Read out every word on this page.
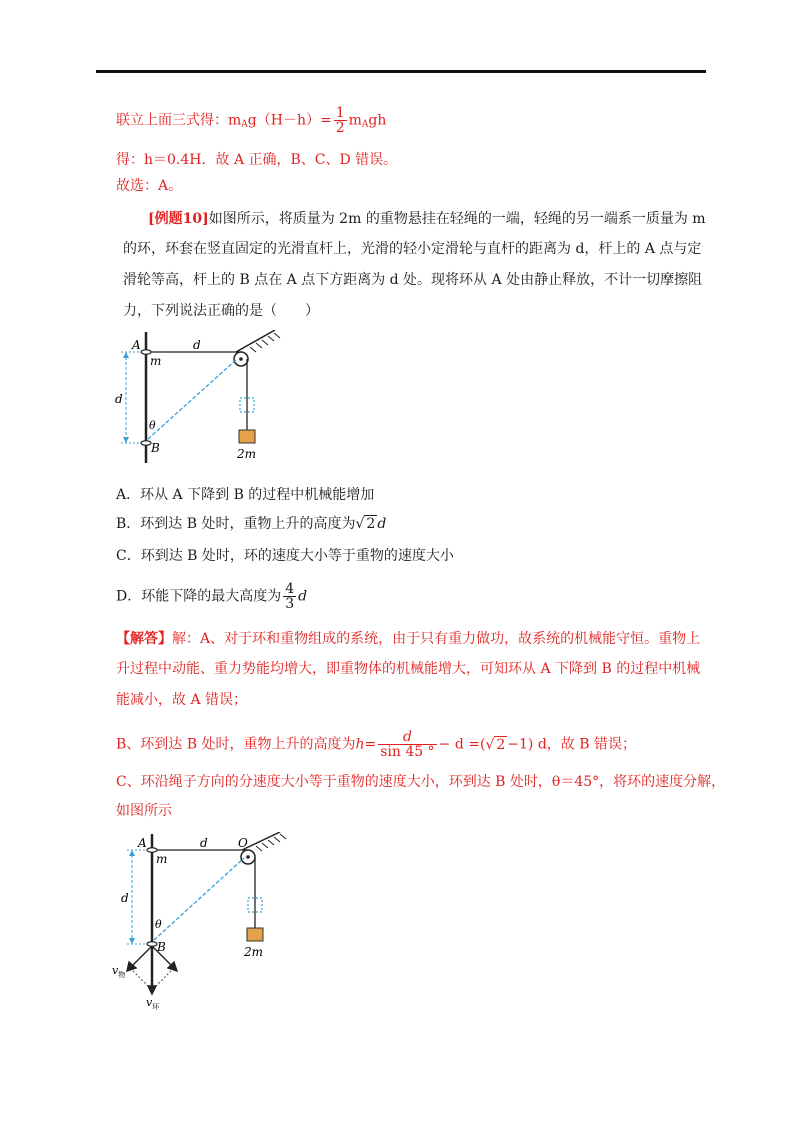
联立上面三式得：$m_Ag(H-h)= \frac{1}{2} m_Agh$
得：h＝0.4H．故 A 正确，B、C、D 错误。
故选：A。
[例题10]如图所示，将质量为 2m 的重物悬挂在轻绳的一端，轻绳的另一端系一质量为 m
的环，环套在竖直固定的光滑直杆上，光滑的轻小定滑轮与直杆的距离为 d，杆上的 A 点与定
滑轮等高，杆上的 B 点在 A 点下方距离为 d 处。现将环从 A 处由静止释放，不计一切摩擦阻
力，下列说法正确的是（　　）
A
m
d
d
θ
B	2m
A．环从 A 下降到 B 的过程中机械能增加
B．环到达 B 处时，重物上升的高度为√ 2 d
C．环到达 B 处时，环的速度大小等于重物的速度大小
D．环能下降的最大高度为 $\frac{4}{3}$ d
【解答】解：A、对于环和重物组成的系统，由于只有重力做功，故系统的机械能守恒。重物上
升过程中动能、重力势能均增大，即重物体的机械能增大，可知环从 A 下降到 B 的过程中机械
能减小，故 A 错误；
B、环到达 B 处时，重物上升的高度为$h= \frac{d}{\sin 45 ^\circ} - d$ =(√ 2 −1) d，故 B 错误；
C、环沿绳子方向的分速度大小等于重物的速度大小，环到达 B 处时，θ＝45°，将环的速度分解，
如图所示
A
m
d	O
d
θ
B	2m
$v_物$
$v_环$
